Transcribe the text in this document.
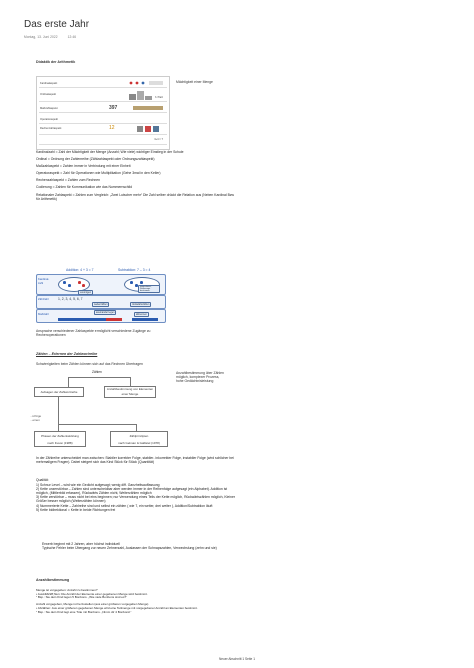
Das erste Jahr
Montag, 13. Juni 2022	12:46
Didaktik der Arithmetik
Mächtigkeit einer Menge
Kardinalaspekt
Ordinalaspekt
3. Platz
Maßzahlaspekt	397
Operatoraspekt
Rechenzahlaspekt	12
3+4 = 7
Kardinalzahl = Zahl der Mächtigkeit der Menge (Anzahl; Wie viele) wichtiger Einstieg in der Schule
Ordinal = Ordnung der Zahlenreihe (Zählzahlaspekt oder Ordnungszahlaspekt)
Maßzahlaspekt = Zahlen immer in Verbindung mit einer Einheit
Operatoraspekt = Zahl für Operationen wie Multiplikation (Gehe 3mal in den Keller)
Rechenzahlaspekt = Zahlen zum Rechnen
Codierung = Zahlen für Kommunikation wie das Nummernschild
Relationaler Zahlaspekt = Zahlen zum Vergleich: „Zwei Lutscher mehr“ Die Zahl selber drückt die Relation aus (Neben Kardinal Bzw für Arithmetik)
Addition: 4 + 3 = 7	Subtraktion: 7 – 3 = 4
Kardinal-zahl
vereinigen
wegnehmen, Restmenge bestimmen
Zählzahl	1, 2, 3, 4, 5, 6, 7
weiterzählen	rückwärtszählen
Maßzahl	aneinander legen
abtrennen
Ansprache verschiedener Zahlaspekte ermöglicht verschiedene Zugänge zu Rechenoperationen
Zählen – Erlernen der Zahlwortreihe
Schwierigkeiten beim Zählen können sich auf das Rechnen Übertragen
Anzahlbestimmung über Zählen möglich, komplexer Prozess, hohe Gedächtnisleistung
Zählen
Aufsagen der Zahlwortreihe
Anzahlbestimmung von Elementen einer Menge
...ichtige ...einen
Phasen der Zahlentwicklung
nach Fuson (1988)
Zählprinzipien
nach Gelman & Gallistel (1978)
In der Zählreihe unterscheidet man zwischen: Stabiler korrekter Folge, stabiler- inkorrekter Folge, instabiler Folge (wird schlicher bei mehrmaligem Fragen). Dabei steigert sich das Kind Stück für Stück (Quantität)
Qualität:
1) Schnur Level – wird wie ein Gedicht aufgesagt; wenig diff. Ganzheitsauffassung
2) Kette unzerstörbar – Zahlen sind unterscheidbar aber werden immer in der Reihenfolge aufgesagt (ein Alphabet). Addition ist möglich, (Mittlerbild erfassen), Rückwärts Zählen nicht, Weiterzählen möglich
3) Kette zerstörbar – muss nicht bei eins beginnen; nur Verwendung eines Teils der Kette möglich, Rückwärtszählen möglich, Kleiner Größer besser möglich (Weiterzählen können)
4) Nummerierte Kette – Zahlreihe sind und selbst ein zählen ( wie 7, ein weiter, drei weiter ), Addition/Subtraktion läuft
5) Kette bidirektional = Kette in beide Richtungen frei
Erwerb beginnt mit 2 Jahren, aber höchst individuell
Typische Fehler beim Übergang zur neuen Zehnerzahl, Auslassen der Schnapszahlen, Verwechslung (zehn und sie)
Anzahlbestimmung
Menge ist vorgegeben: Anzahl zu bestimmen?
• Ausz&#228;hlen: Die Anzahl der Elemente einer gegebenen Menge wird bestimmt.
" Bsp.: Sie dein Kind legen 5 Bonbons. „Wie viele Bonbons sind es?“
Anzahl vorgegeben, Menge ist herzustellen (aus einer größeren vorgegeben Menge)
• Abzählen: Aus einer größeren gegebenen Menge wird eine Teilmenge mit vorgegebener Anzahl an Elementen bestimmt.
" Bsp.: Sie dein Kind legt eine Tüte mit Bonbons. „Nimm dir 4 Bonbons!“
Neuer Abschnitt 1 Seite 1
